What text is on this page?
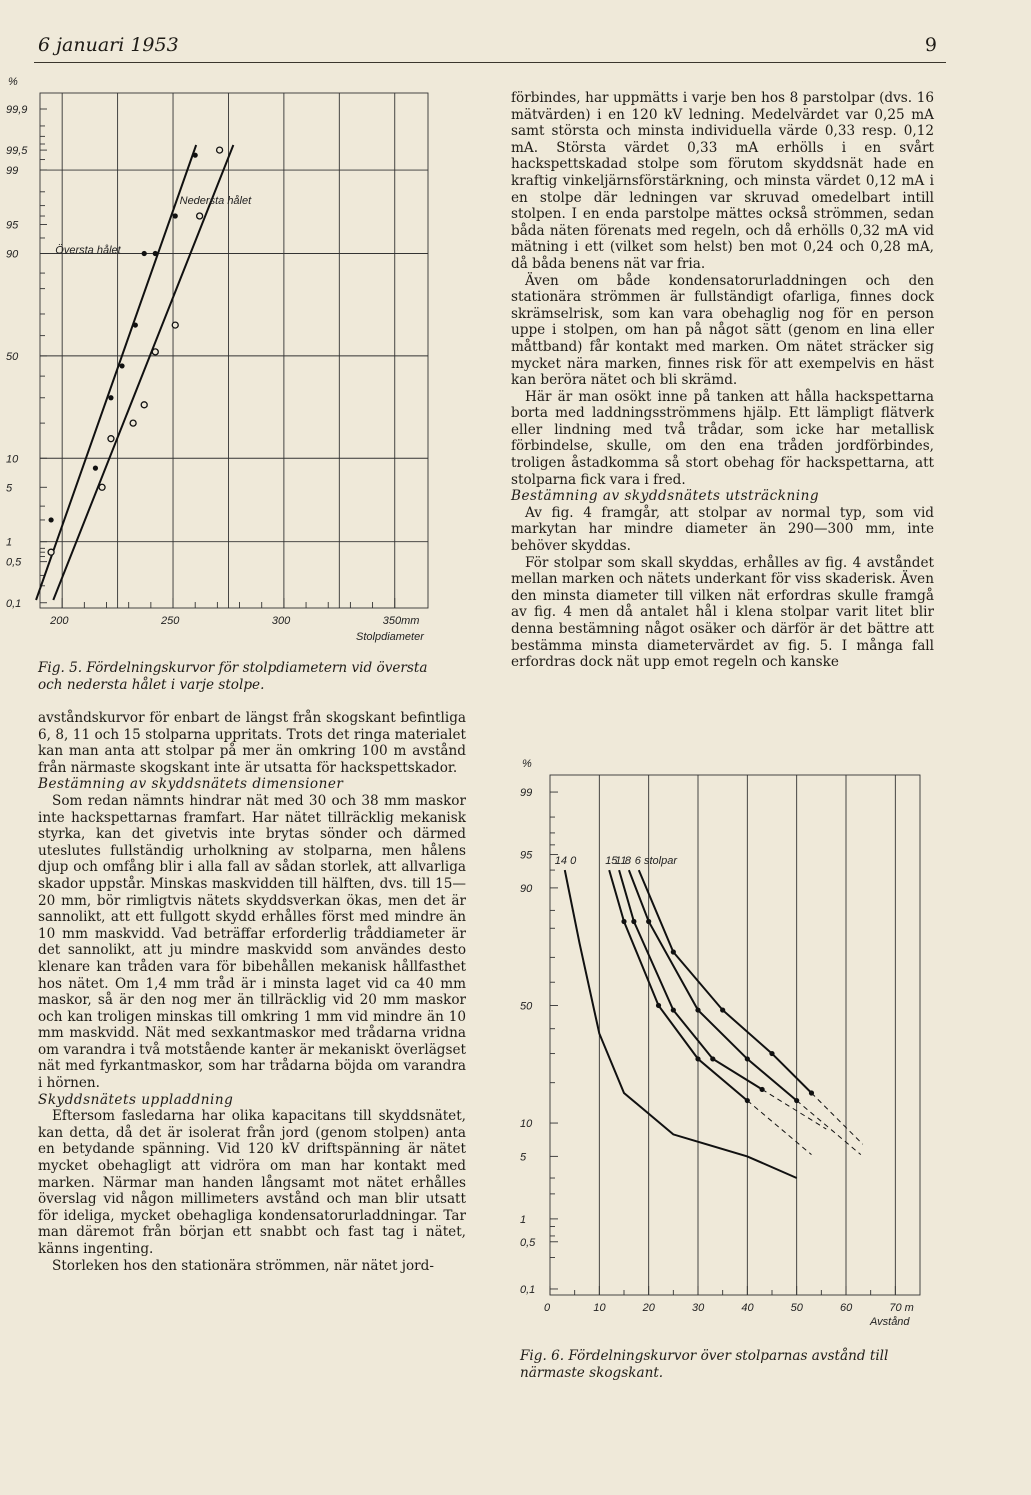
6 januari 1953	9
99,9
99,5
99
95
90
50
10
5
1
0,5
0,1
%
200	250	300	350mm
Stolpdiameter
Översta hålet
Nedersta hålet
Fig. 5. Fördelningskurvor för stolpdiametern vid översta och nedersta hålet i varje stolpe.

avståndskurvor för enbart de längst från skogskant befintliga 6, 8, 11 och 15 stolparna uppritats. Trots det ringa materialet kan man anta att stolpar på mer än omkring 100 m avstånd från närmaste skogskant inte är utsatta för hackspettskador.

Bestämning av skyddsnätets dimensioner

Som redan nämnts hindrar nät med 30 och 38 mm maskor inte hackspettarnas framfart. Har nätet tillräcklig mekanisk styrka, kan det givetvis inte brytas sönder och därmed uteslutes fullständig urholkning av stolparna, men hålens djup och omfång blir i alla fall av sådan storlek, att allvarliga skador uppstår. Minskas maskvidden till hälften, dvs. till 15—20 mm, bör rimligtvis nätets skyddsverkan ökas, men det är sannolikt, att ett fullgott skydd erhålles först med mindre än 10 mm maskvidd. Vad beträffar erforderlig tråddiameter är det sannolikt, att ju mindre maskvidd som användes desto klenare kan tråden vara för bibehållen mekanisk hållfasthet hos nätet. Om 1,4 mm tråd är i minsta laget vid ca 40 mm maskor, så är den nog mer än tillräcklig vid 20 mm maskor och kan troligen minskas till omkring 1 mm vid mindre än 10 mm maskvidd. Nät med sexkantmaskor med trådarna vridna om varandra i två motstående kanter är mekaniskt överlägset nät med fyrkantmaskor, som har trådarna böjda om varandra i hörnen.

Skyddsnätets uppladdning

Eftersom fasledarna har olika kapacitans till skyddsnätet, kan detta, då det är isolerat från jord (genom stolpen) anta en betydande spänning. Vid 120 kV driftspänning är nätet mycket obehagligt att vidröra om man har kontakt med marken. Närmar man handen långsamt mot nätet erhålles överslag vid någon millimeters avstånd och man blir utsatt för ideliga, mycket obehagliga kondensatorurladdningar. Tar man däremot från början ett snabbt och fast tag i nätet, känns ingenting.

Storleken hos den stationära strömmen, när nätet jord-

förbindes, har uppmätts i varje ben hos 8 parstolpar (dvs. 16 mätvärden) i en 120 kV ledning. Medelvärdet var 0,25 mA samt största och minsta individuella värde 0,33 resp. 0,12 mA. Största värdet 0,33 mA erhölls i en svårt hackspettskadad stolpe som förutom skyddsnät hade en kraftig vinkeljärnsförstärkning, och minsta värdet 0,12 mA i en stolpe där ledningen var skruvad omedelbart intill stolpen. I en enda parstolpe mättes också strömmen, sedan båda näten förenats med regeln, och då erhölls 0,32 mA vid mätning i ett (vilket som helst) ben mot 0,24 och 0,28 mA, då båda benens nät var fria.

Även om både kondensatorurladdningen och den stationära strömmen är fullständigt ofarliga, finnes dock skrämselrisk, som kan vara obehaglig nog för en person uppe i stolpen, om han på något sätt (genom en lina eller måttband) får kontakt med marken. Om nätet sträcker sig mycket nära marken, finnes risk för att exempelvis en häst kan beröra nätet och bli skrämd.

Här är man osökt inne på tanken att hålla hackspettarna borta med laddningsströmmens hjälp. Ett lämpligt flätverk eller lindning med två trådar, som icke har metallisk förbindelse, skulle, om den ena tråden jordförbindes, troligen åstadkomma så stort obehag för hackspettarna, att stolparna fick vara i fred.

Bestämning av skyddsnätets utsträckning

Av fig. 4 framgår, att stolpar av normal typ, som vid markytan har mindre diameter än 290—300 mm, inte behöver skyddas.

För stolpar som skall skyddas, erhålles av fig. 4 avståndet mellan marken och nätets underkant för viss skaderisk. Även den minsta diameter till vilken nät erfordras skulle framgå av fig. 4 men då antalet hål i klena stolpar varit litet blir denna bestämning något osäker och därför är det bättre att bestämma minsta diametervärdet av fig. 5. I många fall erfordras dock nät upp emot regeln och kanske

99
95
90
50
10
5
1
0,5
0,1
%
0	10	20	30	40	50	60	70 m
Avstånd
14 0	15
11
8 6 stolpar
Fig. 6. Fördelningskurvor över stolparnas avstånd till närmaste skogskant.
